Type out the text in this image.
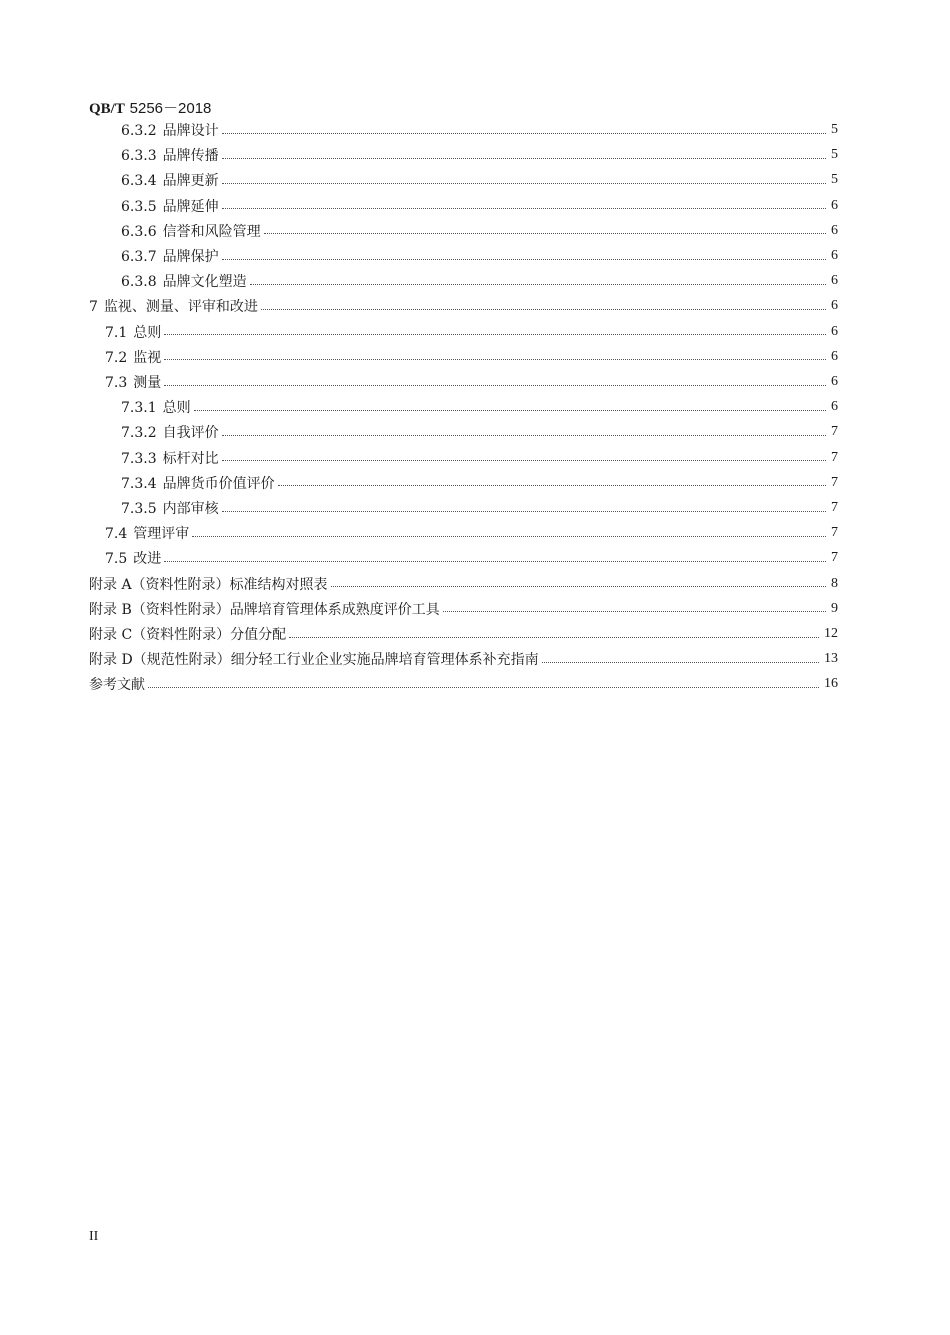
QB/T 5256－2018
6.3.2 品牌设计	5
6.3.3 品牌传播	5
6.3.4 品牌更新	5
6.3.5 品牌延伸	6
6.3.6 信誉和风险管理	6
6.3.7 品牌保护	6
6.3.8 品牌文化塑造	6
7 监视、测量、评审和改进	6
7.1 总则	6
7.2 监视	6
7.3 测量	6
7.3.1 总则	6
7.3.2 自我评价	7
7.3.3 标杆对比	7
7.3.4 品牌货币价值评价	7
7.3.5 内部审核	7
7.4 管理评审	7
7.5 改进	7
附录 A（资料性附录）标准结构对照表	8
附录 B（资料性附录）品牌培育管理体系成熟度评价工具	9
附录 C（资料性附录）分值分配	12
附录 D（规范性附录）细分轻工行业企业实施品牌培育管理体系补充指南	13
参考文献	16
II
